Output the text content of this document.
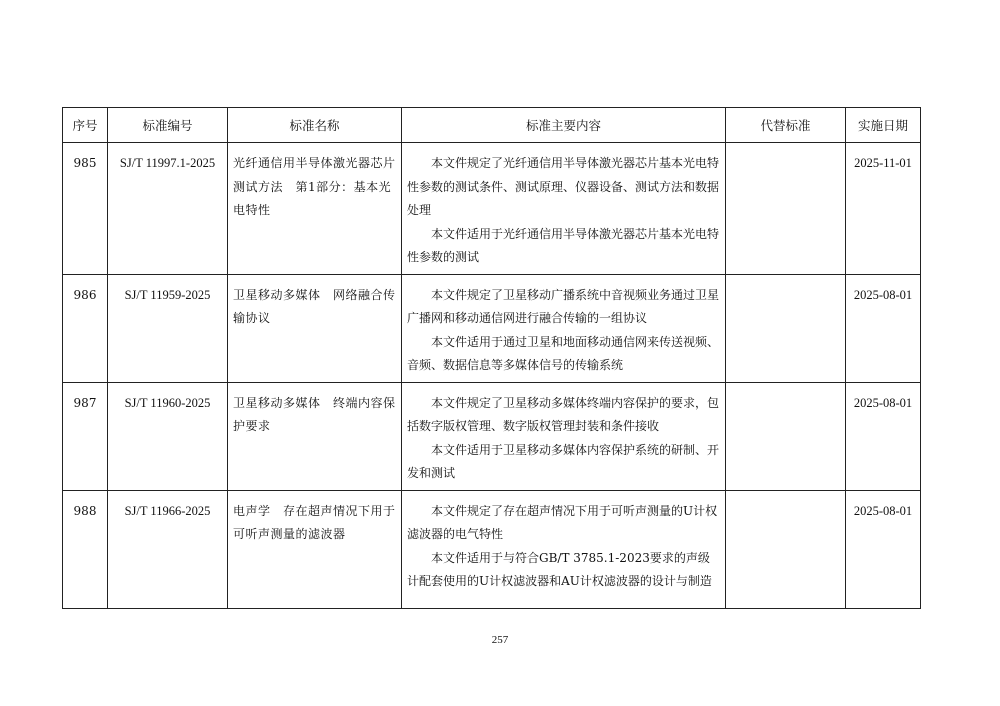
序号	标准编号	标准名称	标准主要内容	代替标准	实施日期
985	SJ/T 11997.1-2025	光纤通信用半导体激光器芯片测试方法　第1部分：基本光电特性	本文件规定了光纤通信用半导体激光器芯片基本光电特性参数的测试条件、测试原理、仪器设备、测试方法和数据处理
本文件适用于光纤通信用半导体激光器芯片基本光电特性参数的测试		2025-11-01
986	SJ/T 11959-2025	卫星移动多媒体　网络融合传输协议	本文件规定了卫星移动广播系统中音视频业务通过卫星广播网和移动通信网进行融合传输的一组协议
本文件适用于通过卫星和地面移动通信网来传送视频、音频、数据信息等多媒体信号的传输系统		2025-08-01
987	SJ/T 11960-2025	卫星移动多媒体　终端内容保护要求	本文件规定了卫星移动多媒体终端内容保护的要求，包括数字版权管理、数字版权管理封装和条件接收
本文件适用于卫星移动多媒体内容保护系统的研制、开发和测试		2025-08-01
988	SJ/T 11966-2025	电声学　存在超声情况下用于可听声测量的滤波器	本文件规定了存在超声情况下用于可听声测量的U计权滤波器的电气特性
本文件适用于与符合GB/T 3785.1-2023要求的声级计配套使用的U计权滤波器和AU计权滤波器的设计与制造		2025-08-01
257
